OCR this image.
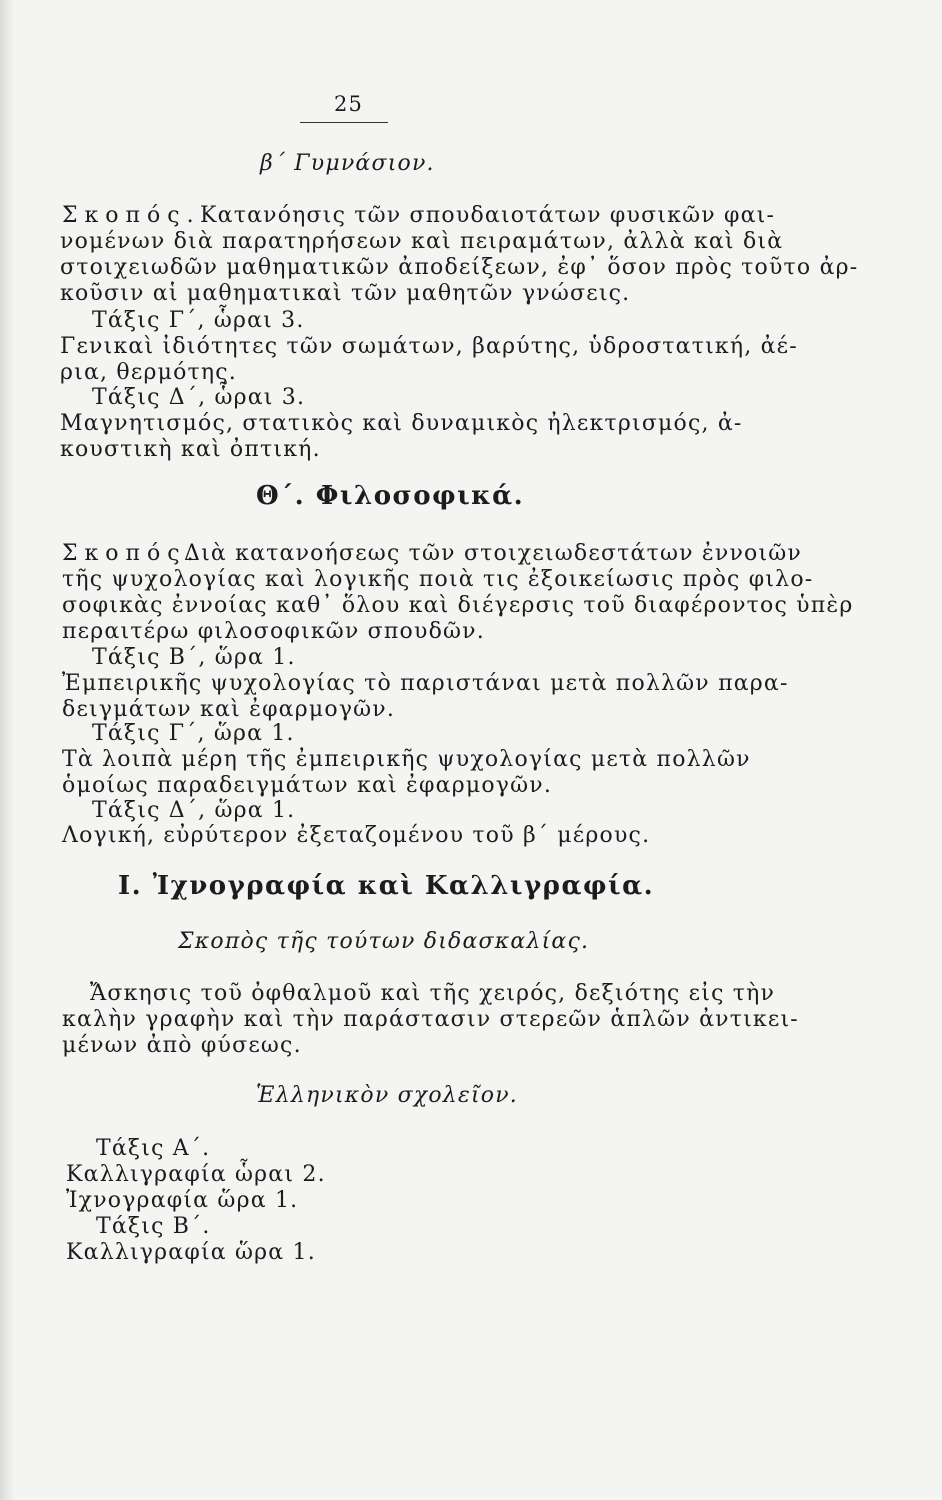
25
β΄ Γυμνάσιον.
Σκοπός. Κατανόησις τῶν σπουδαιοτάτων φυσικῶν φαι-
νομένων διὰ παρατηρήσεων καὶ πειραμάτων, ἀλλὰ καὶ διὰ
στοιχειωδῶν μαθηματικῶν ἀποδείξεων, ἐφ᾽ ὅσον πρὸς τοῦτο ἀρ-
κοῦσιν αἱ μαθηματικαὶ τῶν μαθητῶν γνώσεις.
Τάξις Γ΄, ὧραι 3.
Γενικαὶ ἰδιότητες τῶν σωμάτων, βαρύτης, ὑδροστατική, ἀέ-
ρια, θερμότης.
Τάξις Δ΄, ὧραι 3.
Μαγνητισμός, στατικὸς καὶ δυναμικὸς ἠλεκτρισμός, ἀ-
κουστικὴ καὶ ὀπτική.
Θ΄. Φιλοσοφικά.
Σκοπός.
Διὰ κατανοήσεως τῶν στοιχειωδεστάτων ἐννοιῶν
τῆς ψυχολογίας καὶ λογικῆς ποιὰ τις ἐξοικείωσις πρὸς φιλο-
σοφικὰς ἐννοίας καθ᾽ ὅλου καὶ διέγερσις τοῦ διαφέροντος ὑπὲρ
περαιτέρω φιλοσοφικῶν σπουδῶν.
Τάξις Β΄, ὥρα 1.
Ἐμπειρικῆς ψυχολογίας τὸ παριστάναι μετὰ πολλῶν παρα-
δειγμάτων καὶ ἐφαρμογῶν.
Τάξις Γ΄, ὥρα 1.
Τὰ λοιπὰ μέρη τῆς ἐμπειρικῆς ψυχολογίας μετὰ πολλῶν
ὁμοίως παραδειγμάτων καὶ ἐφαρμογῶν.
Τάξις Δ΄, ὥρα 1.
Λογική, εὐρύτερον ἐξεταζομένου τοῦ β΄ μέρους.
Ι. Ἰχνογραφία καὶ Καλλιγραφία.
Σκοπὸς τῆς τούτων διδασκαλίας.
Ἄσκησις τοῦ ὀφθαλμοῦ καὶ τῆς χειρός, δεξιότης εἰς τὴν
καλὴν γραφὴν καὶ τὴν παράστασιν στερεῶν ἁπλῶν ἀντικει-
μένων ἀπὸ φύσεως.
Ἑλληνικὸν σχολεῖον.
Τάξις Α΄.
Καλλιγραφία ὧραι 2.
Ἰχνογραφία ὥρα 1.
Τάξις Β΄.
Καλλιγραφία ὥρα 1.
